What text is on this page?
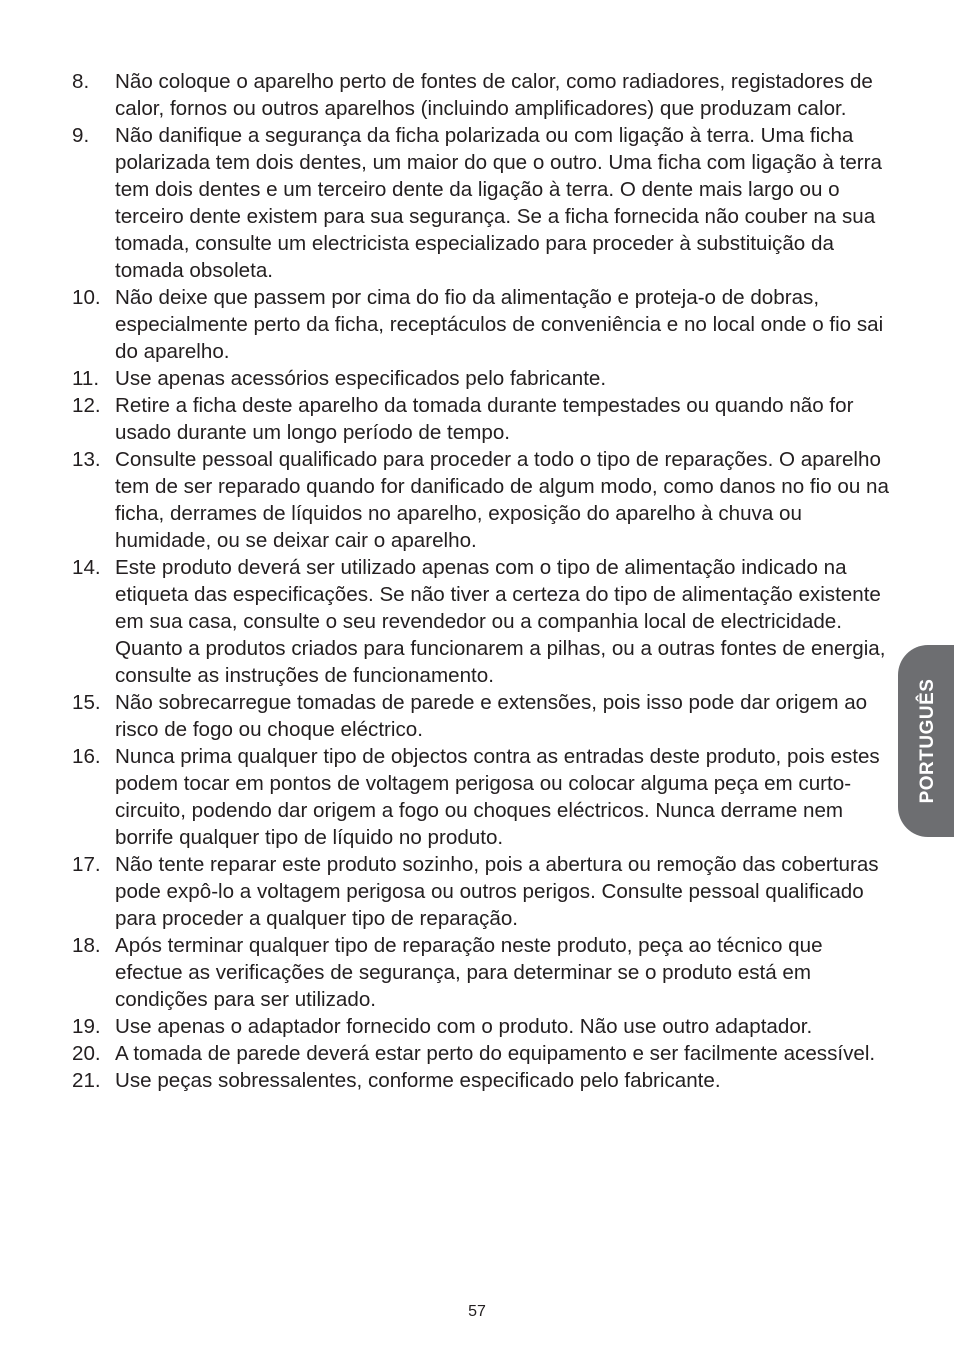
8.	Não coloque o aparelho perto de fontes de calor, como radiadores, registadores de calor, fornos ou outros aparelhos (incluindo amplificadores) que produzam calor.
9.	Não danifique a segurança da ficha polarizada ou com ligação à terra. Uma ficha polarizada tem dois dentes, um maior do que o outro. Uma ficha com ligação à terra tem dois dentes e um terceiro dente da ligação à terra. O dente mais largo ou o terceiro dente existem para sua segurança. Se a ficha fornecida não couber na sua tomada, consulte um electricista especializado para proceder à substituição da tomada obsoleta.
10. Não deixe que passem por cima do fio da alimentação e proteja-o de dobras, especialmente perto da ficha, receptáculos de conveniência e no local onde o fio sai do aparelho.
11. Use apenas acessórios especificados pelo fabricante.
12. Retire a ficha deste aparelho da tomada durante tempestades ou quando não for usado durante um longo período de tempo.
13. Consulte pessoal qualificado para proceder a todo o tipo de reparações. O aparelho tem de ser reparado quando for danificado de algum modo, como danos no fio ou na ficha, derrames de líquidos no aparelho, exposição do aparelho à chuva ou humidade, ou se deixar cair o aparelho.
14. Este produto deverá ser utilizado apenas com o tipo de alimentação indicado na etiqueta das especificações. Se não tiver a certeza do tipo de alimentação existente em sua casa, consulte o seu revendedor ou a companhia local de electricidade. Quanto a produtos criados para funcionarem a pilhas, ou a outras fontes de energia, consulte as instruções de funcionamento.
15. Não sobrecarregue tomadas de parede e extensões, pois isso pode dar origem ao risco de fogo ou choque eléctrico.
16. Nunca prima qualquer tipo de objectos contra as entradas deste produto, pois estes podem tocar em pontos de voltagem perigosa ou colocar alguma peça em curto-circuito, podendo dar origem a fogo ou choques eléctricos. Nunca derrame nem borrife qualquer tipo de líquido no produto.
17. Não tente reparar este produto sozinho, pois a abertura ou remoção das coberturas pode expô-lo a voltagem perigosa ou outros perigos. Consulte pessoal qualificado para proceder a qualquer tipo de reparação.
18. Após terminar qualquer tipo de reparação neste produto, peça ao técnico que efectue as verificações de segurança, para determinar se o produto está em condições para ser utilizado.
19. Use apenas o adaptador fornecido com o produto. Não use outro adaptador.
20. A tomada de parede deverá estar perto do equipamento e ser facilmente acessível.
21. Use peças sobressalentes, conforme especificado pelo fabricante.
PORTUGUÊS
57
